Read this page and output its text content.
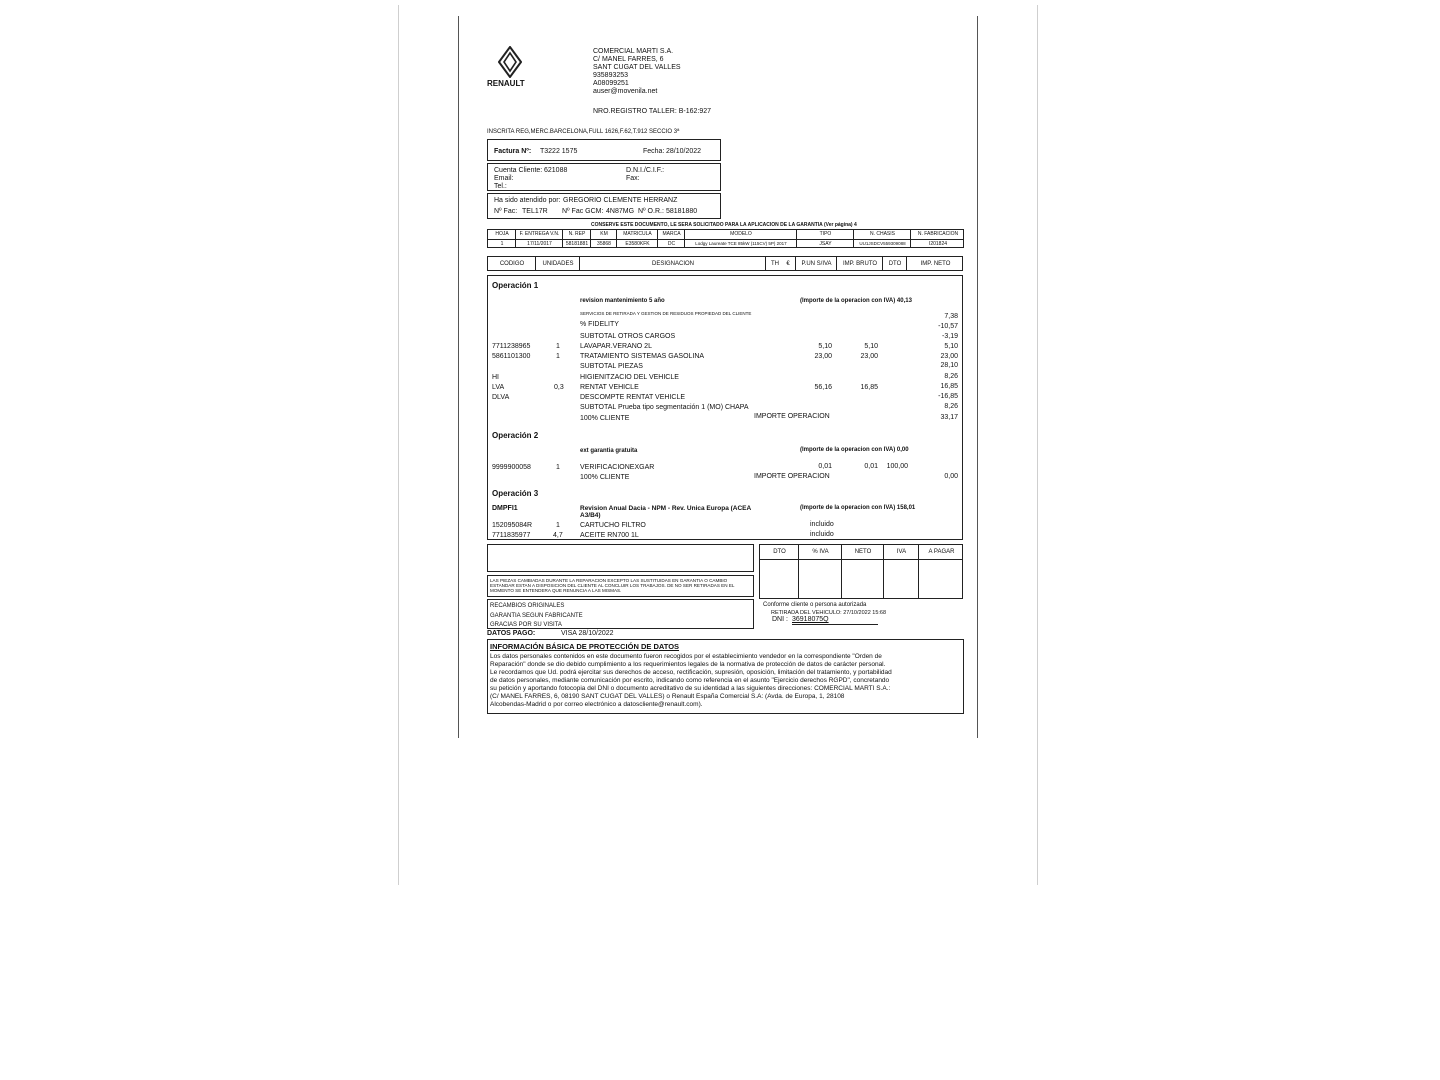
RENAULT
COMERCIAL MARTI S.A.
C/ MANEL FARRES, 6
SANT CUGAT DEL VALLES
935893253
A08099251
auser@movenila.net
NRO.REGISTRO TALLER: B-162:927
INSCRITA REG,MERC.BARCELONA,FULL 1626,F.62,T.912 SECCIO 3ª
Factura Nº: T3222 1575	Fecha: 28/10/2022
Cuenta Cliente: 621088	D.N.I./C.I.F.:
Email:	Fax:
Tel.:
Ha sido atendido por: GREGORIO CLEMENTE HERRANZ
Nº Fac: TEL17R Nº Fac GCM: 4N87MG Nº O.R.: 58181880
CONSERVE ESTE DOCUMENTO, LE SERA SOLICITADO PARA LA APLICACION DE LA GARANTIA (Ver página) 4
HOJA	F. ENTREGA V.N.	N. REP	KM	MATRICULA	MARCA	MODELO	TIPO	N. CHASIS	N. FABRICACION
1	17/11/2017	58181881	35868	E3580KFK	DC	Lodgy Laureate TCE 85kW (115CV) 5P) 2017	JSAY	UU1JSDCV559309088	I201824
CODIGO	UNIDADES	DESIGNACION	TH	€	P.UN S/IVA	IMP. BRUTO	DTO	IMP. NETO
Operación 1
revision mantenimiento 5 año	(Importe de la operacion con IVA) 40,13
SERVICIOS DE RETIRADA Y GESTION DE RESIDUOS PROPIEDAD DEL CLIENTE	7,38
% FIDELITY	-10,57
SUBTOTAL OTROS CARGOS	-3,19
7711238965	1	LAVAPAR.VERANO 2L	5,10	5,10	5,10
5861101300	1	TRATAMIENTO SISTEMAS GASOLINA	23,00	23,00	23,00
SUBTOTAL PIEZAS	28,10
HI	HIGIENITZACIO DEL VEHICLE	8,26
LVA	0,3 RENTAT VEHICLE	56,16	16,85	16,85
DLVA	DESCOMPTE RENTAT VEHICLE	-16,85
SUBTOTAL Prueba tipo segmentación 1 (MO) CHAPA	8,26
100% CLIENTE	IMPORTE OPERACION	33,17
Operación 2
ext garantia gratuita	(Importe de la operacion con IVA) 0,00
9999900058	1	VERIFICACIONEXGAR	0,01	0,01 100,00
100% CLIENTE	IMPORTE OPERACION	0,00
Operación 3
DMPFI1	Revision Anual Dacia - NPM - Rev. Unica Europa (ACEA A3/B4)
(Importe de la operacion con IVA) 158,01
152095084R	1	CARTUCHO FILTRO	incluido
7711835977	4,7 ACEITE RN700 1L	incluido
LAS PIEZAS CAMBIADAS DURANTE LA REPARACION EXCEPTO LAS SUSTITUIDAS EN GARANTIA O CAMBIO ESTANDAR ESTAN A DISPOSICION DEL CLIENTE AL CONCLUIR LOS TRABAJOS. DE NO SER RETIRADAS EN EL MOMENTO SE ENTENDERA QUE RENUNCIA A LAS MISMAS.
RECAMBIOS ORIGINALES
GARANTIA SEGUN FABRICANTE
GRACIAS POR SU VISITA
DTO	% IVA	NETO	IVA	A PAGAR
Conforme cliente o persona autorizada
RETIRADA DEL VEHICULO: 27/10/2022 15:68
DNI : 36918075Q
DATOS PAGO:	VISA 28/10/2022
INFORMACIÓN BÁSICA DE PROTECCIÓN DE DATOS
Los datos personales contenidos en este documento fueron recogidos por el establecimiento vendedor en la correspondiente "Orden de
Reparación" donde se dio debido cumplimiento a los requerimientos legales de la normativa de protección de datos de carácter personal.
Le recordamos que Ud. podrá ejercitar sus derechos de acceso, rectificación, supresión, oposición, limitación del tratamiento, y portabilidad
de datos personales, mediante comunicación por escrito, indicando como referencia en el asunto "Ejercicio derechos RGPD", concretando
su petición y aportando fotocopia del DNI o documento acreditativo de su identidad a las siguientes direcciones: COMERCIAL MARTI S.A.:
(C/ MANEL FARRES, 6, 08190 SANT CUGAT DEL VALLES) o Renault España Comercial S.A: (Avda. de Europa, 1, 28108
Alcobendas-Madrid o por correo electrónico a datoscliente@renault.com).
